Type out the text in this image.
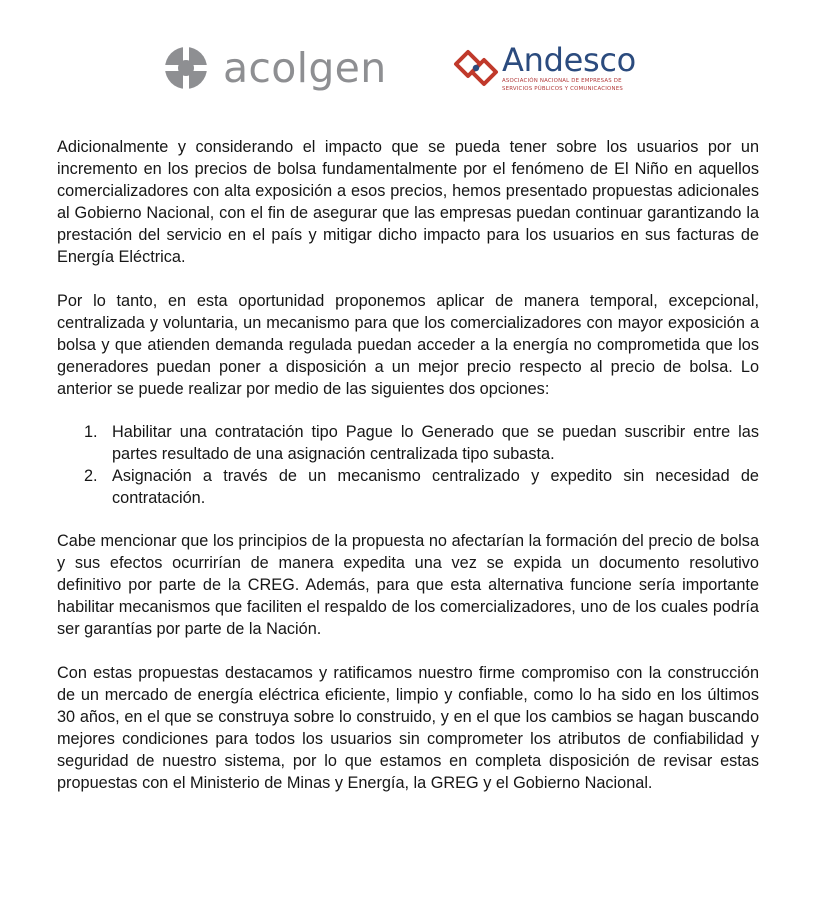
acolgen	Andesco
ASOCIACIÓN NACIONAL DE EMPRESAS DE
SERVICIOS PÚBLICOS Y COMUNICACIONES

Adicionalmente y considerando el impacto que se pueda tener sobre los usuarios por un incremento en los precios de bolsa fundamentalmente por el fenómeno de El Niño en aquellos comercializadores con alta exposición a esos precios, hemos presentado propuestas adicionales al Gobierno Nacional, con el fin de asegurar que las empresas puedan continuar garantizando la prestación del servicio en el país y mitigar dicho impacto para los usuarios en sus facturas de Energía Eléctrica.

Por lo tanto, en esta oportunidad proponemos aplicar de manera temporal, excepcional, centralizada y voluntaria, un mecanismo para que los comercializadores con mayor exposición a bolsa y que atienden demanda regulada puedan acceder a la energía no comprometida que los generadores puedan poner a disposición a un mejor precio respecto al precio de bolsa. Lo anterior se puede realizar por medio de las siguientes dos opciones:

1. Habilitar una contratación tipo Pague lo Generado que se puedan suscribir entre las partes resultado de una asignación centralizada tipo subasta.
2. Asignación a través de un mecanismo centralizado y expedito sin necesidad de contratación.

Cabe mencionar que los principios de la propuesta no afectarían la formación del precio de bolsa y sus efectos ocurrirían de manera expedita una vez se expida un documento resolutivo definitivo por parte de la CREG. Además, para que esta alternativa funcione sería importante habilitar mecanismos que faciliten el respaldo de los comercializadores, uno de los cuales podría ser garantías por parte de la Nación.

Con estas propuestas destacamos y ratificamos nuestro firme compromiso con la construcción de un mercado de energía eléctrica eficiente, limpio y confiable, como lo ha sido en los últimos 30 años, en el que se construya sobre lo construido, y en el que los cambios se hagan buscando mejores condiciones para todos los usuarios sin comprometer los atributos de confiabilidad y seguridad de nuestro sistema, por lo que estamos en completa disposición de revisar estas propuestas con el Ministerio de Minas y Energía, la GREG y el Gobierno Nacional.
